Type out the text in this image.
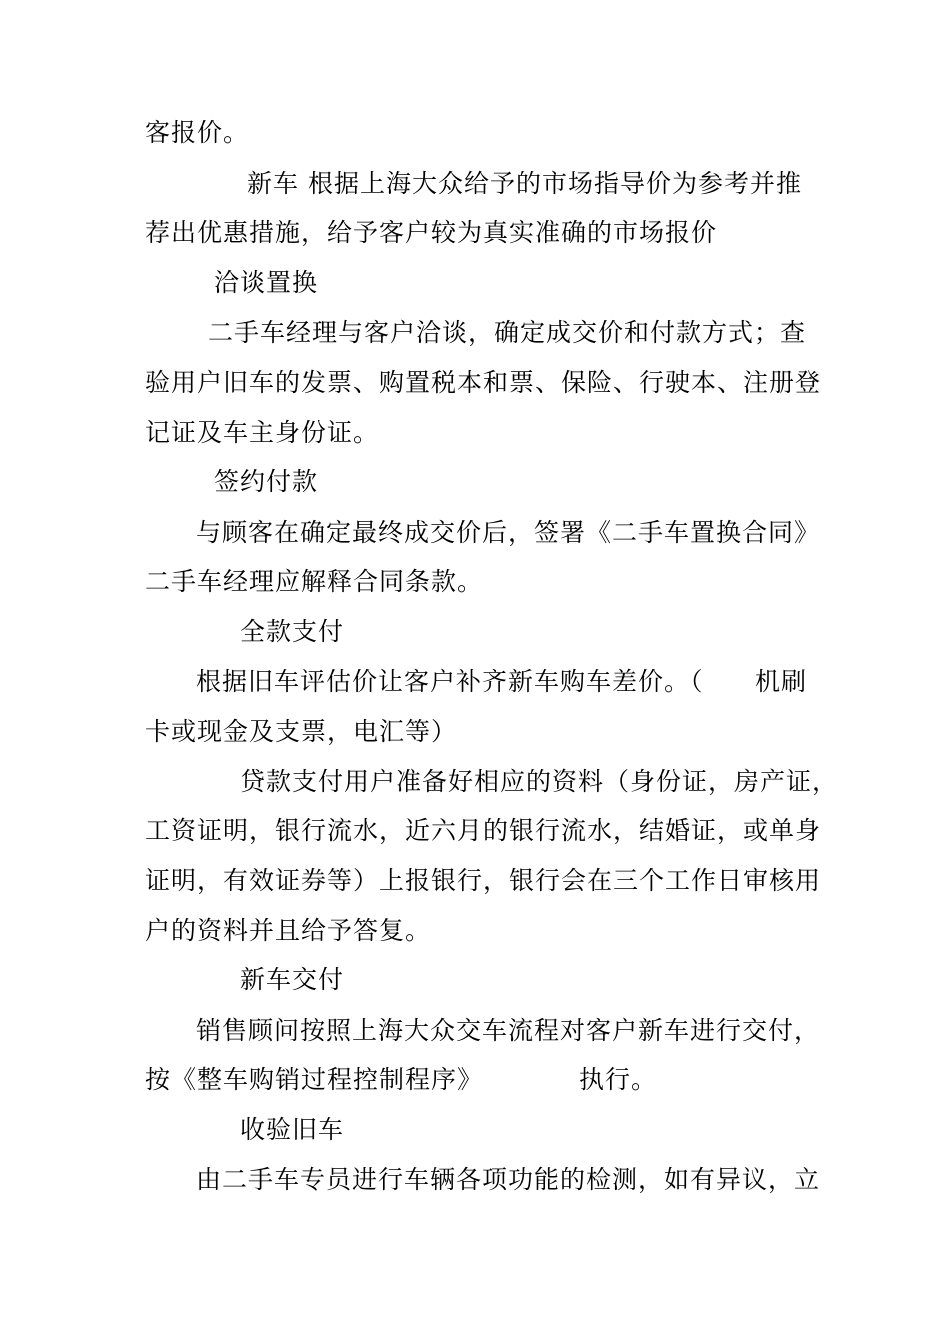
客报价。
新车 根据上海大众给予的市场指导价为参考并推
荐出优惠措施，给予客户较为真实准确的市场报价
洽谈置换
二手车经理与客户洽谈，确定成交价和付款方式；查
验用户旧车的发票、购置税本和票、保险、行驶本、注册登
记证及车主身份证。
签约付款
与顾客在确定最终成交价后，签署《二手车置换合同》
二手车经理应解释合同条款。
全款支付
根据旧车评估价让客户补齐新车购车差价。（ 机刷
卡或现金及支票，电汇等）
贷款支付用户准备好相应的资料（身份证，房产证，
工资证明，银行流水，近六月的银行流水，结婚证，或单身
证明，有效证券等）上报银行，银行会在三个工作日审核用
户的资料并且给予答复。
新车交付
销售顾问按照上海大众交车流程对客户新车进行交付，
按《整车购销过程控制程序》	执行。
收验旧车
由二手车专员进行车辆各项功能的检测，如有异议，立
